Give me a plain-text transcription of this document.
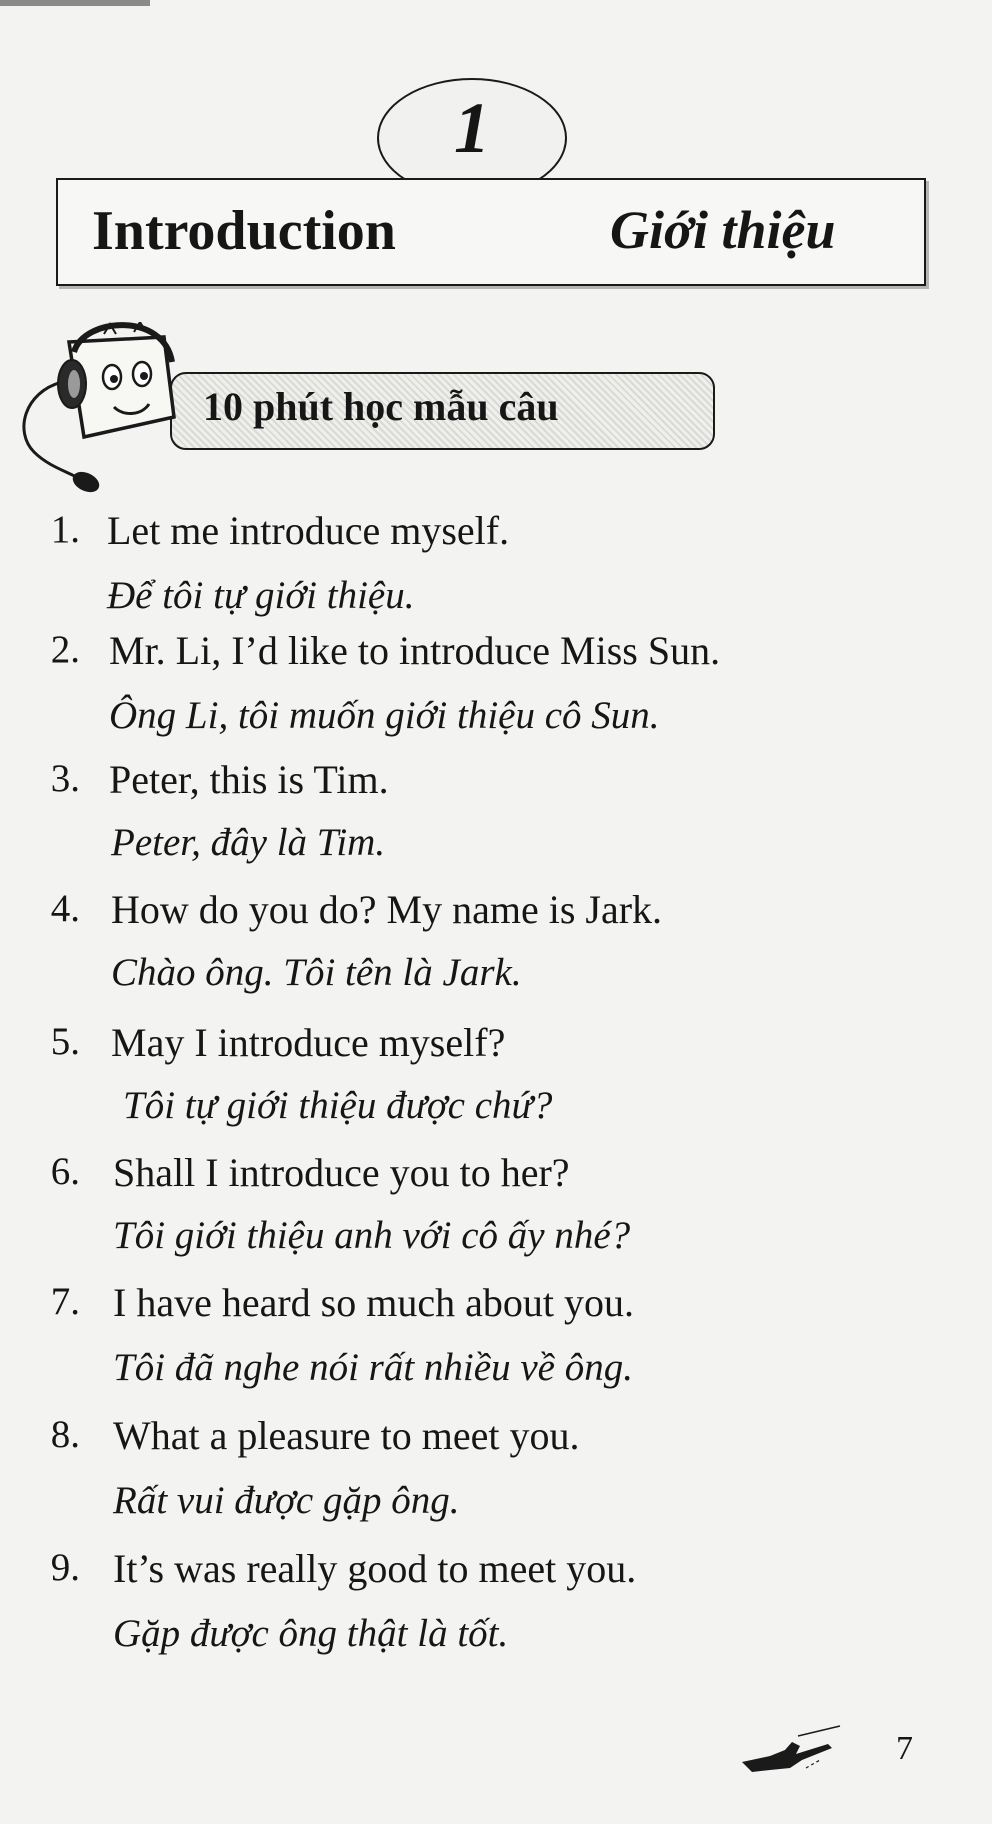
1
Introduction	Giới thiệu
10 phút học mẫu câu
1. Let me introduce myself.
Để tôi tự giới thiệu.
2. Mr. Li, I’d like to introduce Miss Sun.
Ông Li, tôi muốn giới thiệu cô Sun.
3. Peter, this is Tim.
Peter, đây là Tim.
4. How do you do? My name is Jark.
Chào ông. Tôi tên là Jark.
5. May I introduce myself?
Tôi tự giới thiệu được chứ?
6. Shall I introduce you to her?
Tôi giới thiệu anh với cô ấy nhé?
7. I have heard so much about you.
Tôi đã nghe nói rất nhiều về ông.
8. What a pleasure to meet you.
Rất vui được gặp ông.
9. It’s was really good to meet you.
Gặp được ông thật là tốt.
7
